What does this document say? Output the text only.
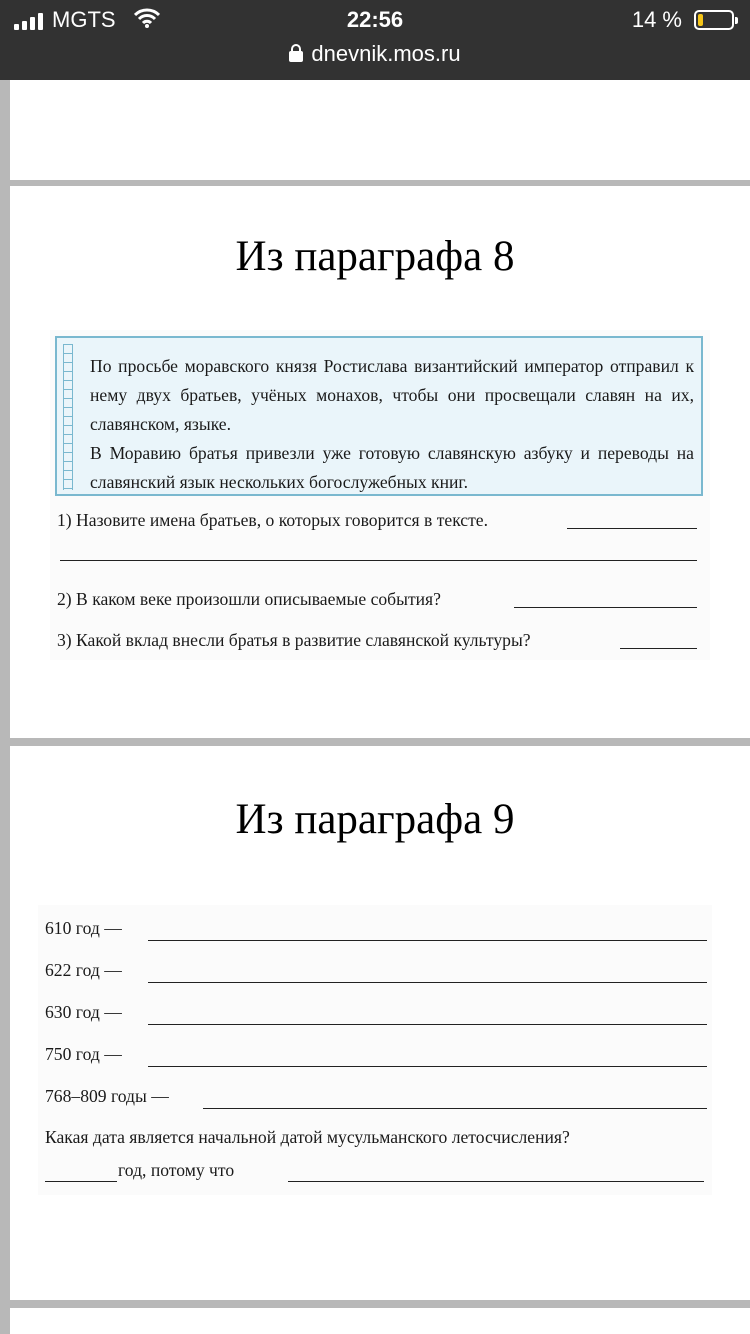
MGTS	22:56	14 %
dnevnik.mos.ru
Из параграфа 8

По просьбе моравского князя Ростислава византийский император отправил к нему двух братьев, учёных монахов, чтобы они просвещали славян на их, славянском, языке.

В Моравию братья привезли уже готовую славянскую азбуку и переводы на славянский язык нескольких богослужебных книг.

1) Назовите имена братьев, о которых говорится в тексте.
2) В каком веке произошли описываемые события?
3) Какой вклад внесли братья в развитие славянской культуры?
Из параграфа 9
610 год —
622 год —
630 год —
750 год —
768–809 годы —
Какая дата является начальной датой мусульманского летосчисления?
год, потому что
